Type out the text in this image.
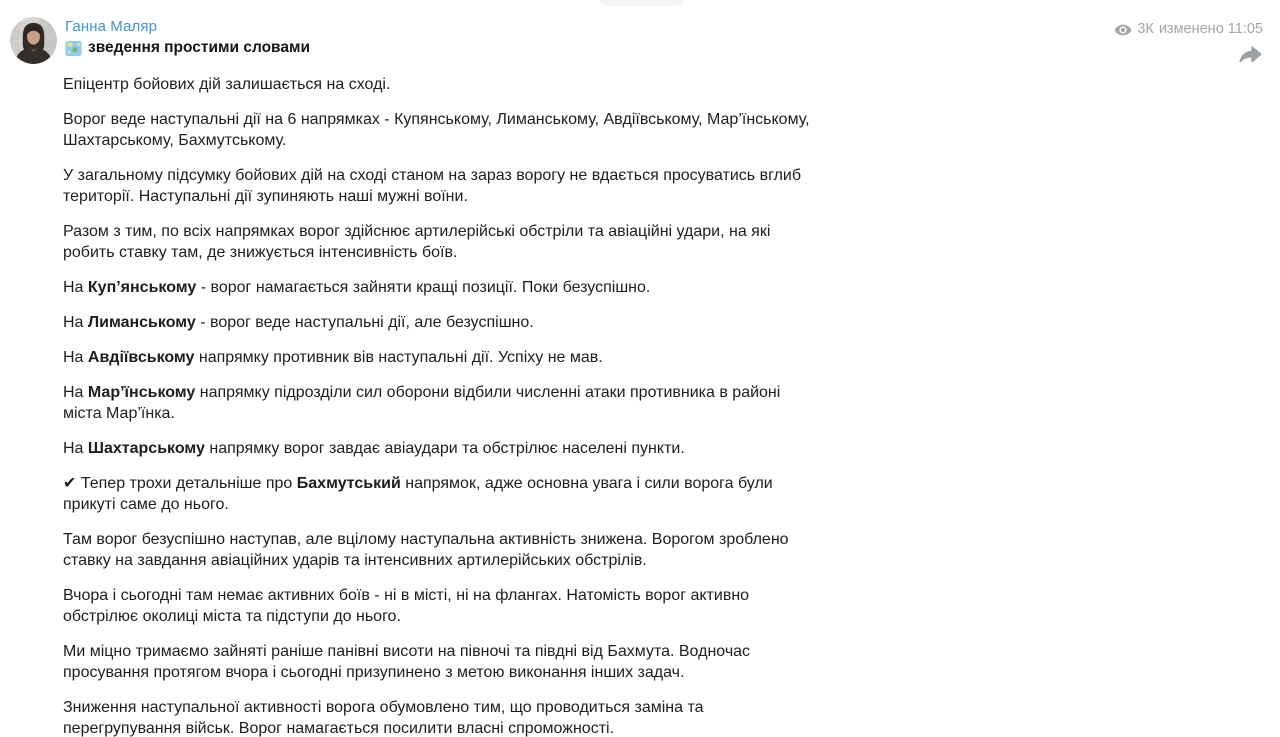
Ганна Маляр
зведення простими словами
3К изменено 11:05

Епіцентр бойових дій залишається на сході.

Ворог веде наступальні дії на 6 напрямках - Купянському, Лиманському, Авдіївському, Мар’їнському, Шахтарському, Бахмутському.

У загальному підсумку бойових дій на сході станом на зараз ворогу не вдається просуватись вглиб території. Наступальні дії зупиняють наші мужні воїни.

Разом з тим, по всіх напрямках ворог здійснює артилерійські обстріли та авіаційні удари, на які робить ставку там, де знижується інтенсивність боїв.

На Куп’янському - ворог намагається зайняти кращі позиції. Поки безуспішно.

На Лиманському - ворог веде наступальні дії, але безуспішно.

На Авдіївському напрямку противник вів наступальні дії. Успіху не мав.

На Мар’їнському напрямку підрозділи сил оборони відбили численні атаки противника в районі міста Мар’їнка.

На Шахтарському напрямку ворог завдає авіаудари та обстрілює населені пункти.

✔ Тепер трохи детальніше про Бахмутський напрямок, адже основна увага і сили ворога були прикуті саме до нього.

Там ворог безуспішно наступав, але вцілому наступальна активність знижена. Ворогом зроблено ставку на завдання авіаційних ударів та інтенсивних артилерійських обстрілів.

Вчора і сьогодні там немає активних боїв - ні в місті, ні на флангах. Натомість ворог активно обстрілює околиці міста та підступи до нього.

Ми міцно тримаємо зайняті раніше панівні висоти на півночі та півдні від Бахмута. Водночас просування протягом вчора і сьогодні призупинено з метою виконання інших задач.

Зниження наступальної активності ворога обумовлено тим, що проводиться заміна та перегрупування військ. Ворог намагається посилити власні спроможності.
